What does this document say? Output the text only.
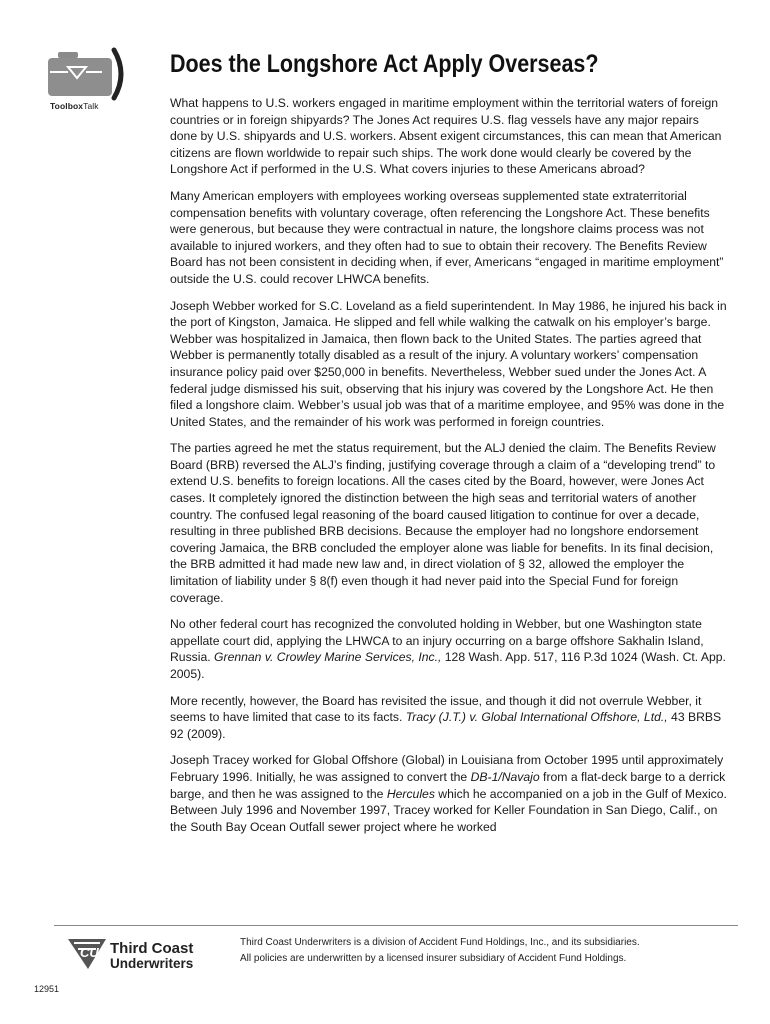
ToolboxTalk
Does the Longshore Act Apply Overseas?

What happens to U.S. workers engaged in maritime employment within the territorial waters of foreign countries or in foreign shipyards? The Jones Act requires U.S. flag vessels have any major repairs done by U.S. shipyards and U.S. workers. Absent exigent circumstances, this can mean that American citizens are flown worldwide to repair such ships. The work done would clearly be covered by the Longshore Act if performed in the U.S. What covers injuries to these Americans abroad?

Many American employers with employees working overseas supplemented state extraterritorial compensation benefits with voluntary coverage, often referencing the Longshore Act. These benefits were generous, but because they were contractual in nature, the longshore claims process was not available to injured workers, and they often had to sue to obtain their recovery. The Benefits Review Board has not been consistent in deciding when, if ever, Americans “engaged in maritime employment” outside the U.S. could recover LHWCA benefits.

Joseph Webber worked for S.C. Loveland as a field superintendent. In May 1986, he injured his back in the port of Kingston, Jamaica. He slipped and fell while walking the catwalk on his employer’s barge. Webber was hospitalized in Jamaica, then flown back to the United States. The parties agreed that Webber is permanently totally disabled as a result of the injury. A voluntary workers’ compensation insurance policy paid over $250,000 in benefits. Nevertheless, Webber sued under the Jones Act. A federal judge dismissed his suit, observing that his injury was covered by the Longshore Act. He then filed a longshore claim. Webber’s usual job was that of a maritime employee, and 95% was done in the United States, and the remainder of his work was performed in foreign countries.

The parties agreed he met the status requirement, but the ALJ denied the claim. The Benefits Review Board (BRB) reversed the ALJ’s finding, justifying coverage through a claim of a “developing trend” to extend U.S. benefits to foreign locations. All the cases cited by the Board, however, were Jones Act cases. It completely ignored the distinction between the high seas and territorial waters of another country. The confused legal reasoning of the board caused litigation to continue for over a decade, resulting in three published BRB decisions. Because the employer had no longshore endorsement covering Jamaica, the BRB concluded the employer alone was liable for benefits. In its final decision, the BRB admitted it had made new law and, in direct violation of § 32, allowed the employer the limitation of liability under § 8(f) even though it had never paid into the Special Fund for foreign coverage.

No other federal court has recognized the convoluted holding in Webber, but one Washington state appellate court did, applying the LHWCA to an injury occurring on a barge offshore Sakhalin Island, Russia. Grennan v. Crowley Marine Services, Inc., 128 Wash. App. 517, 116 P.3d 1024 (Wash. Ct. App. 2005).

More recently, however, the Board has revisited the issue, and though it did not overrule Webber, it seems to have limited that case to its facts. Tracy (J.T.) v. Global International Offshore, Ltd., 43 BRBS 92 (2009).

Joseph Tracey worked for Global Offshore (Global) in Louisiana from October 1995 until approximately February 1996. Initially, he was assigned to convert the DB-1/Navajo from a flat-deck barge to a derrick barge, and then he was assigned to the Hercules which he accompanied on a job in the Gulf of Mexico. Between July 1996 and November 1997, Tracey worked for Keller Foundation in San Diego, Calif., on the South Bay Ocean Outfall sewer project where he worked

CU Third Coast
Underwriters
Third Coast Underwriters is a division of Accident Fund Holdings, Inc., and its subsidiaries.
All policies are underwritten by a licensed insurer subsidiary of Accident Fund Holdings.
12951
